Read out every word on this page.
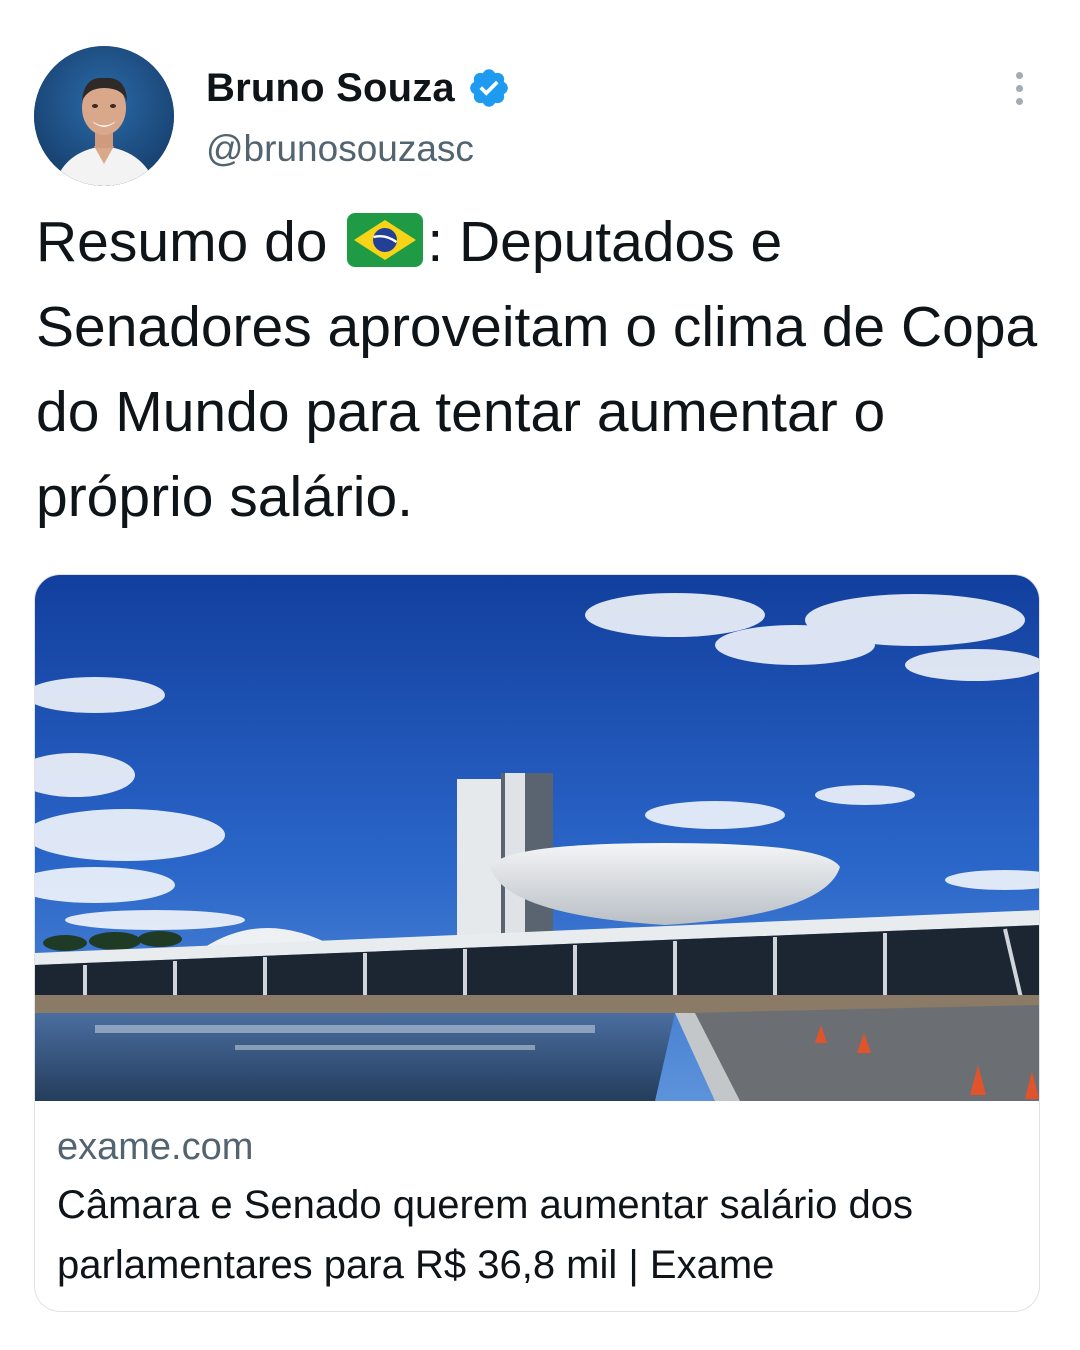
Bruno Souza
@brunosouzasc
Resumo do
: Deputados e Senadores aproveitam o clima de Copa do Mundo para tentar aumentar o próprio salário.
exame.com
Câmara e Senado querem aumentar salário dos parlamentares para R$ 36,8 mil | Exame
